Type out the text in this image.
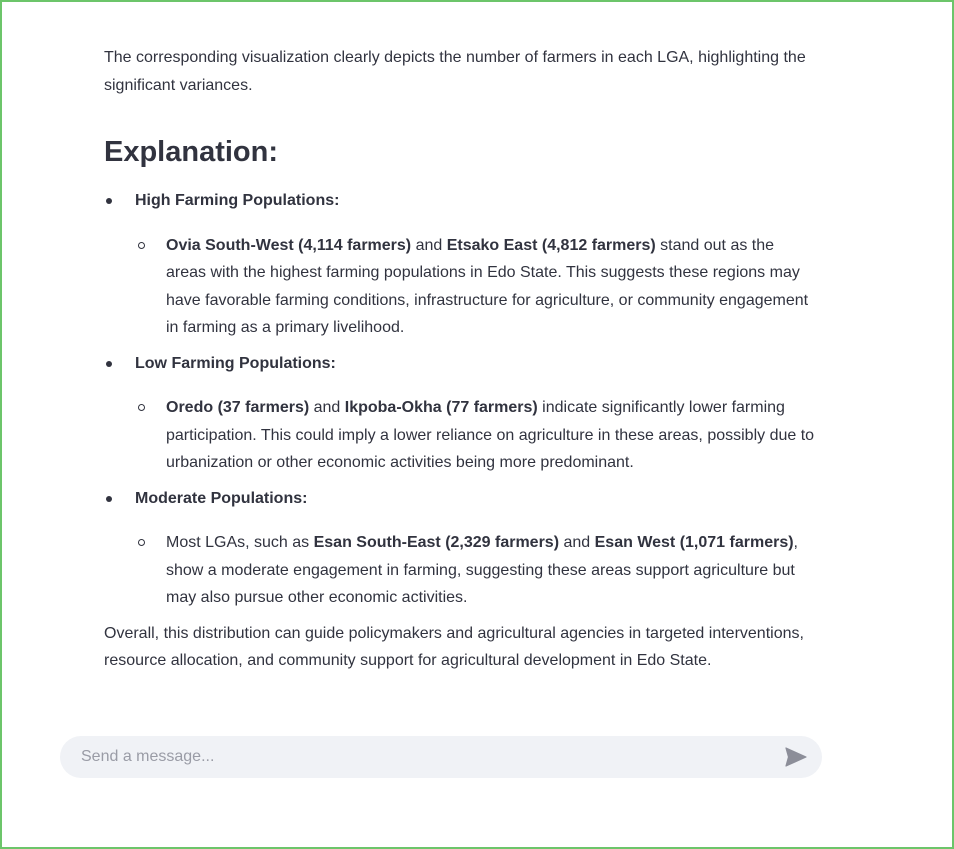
The corresponding visualization clearly depicts the number of farmers in each LGA, highlighting the significant variances.

Explanation:
High Farming Populations:
Ovia South-West (4,114 farmers) and Etsako East (4,812 farmers) stand out as the areas with the highest farming populations in Edo State. This suggests these regions may have favorable farming conditions, infrastructure for agriculture, or community engagement in farming as a primary livelihood.
Low Farming Populations:
Oredo (37 farmers) and Ikpoba-Okha (77 farmers) indicate significantly lower farming participation. This could imply a lower reliance on agriculture in these areas, possibly due to urbanization or other economic activities being more predominant.
Moderate Populations:
Most LGAs, such as Esan South-East (2,329 farmers) and Esan West (1,071 farmers), show a moderate engagement in farming, suggesting these areas support agriculture but may also pursue other economic activities.

Overall, this distribution can guide policymakers and agricultural agencies in targeted interventions, resource allocation, and community support for agricultural development in Edo State.

Send a message...
